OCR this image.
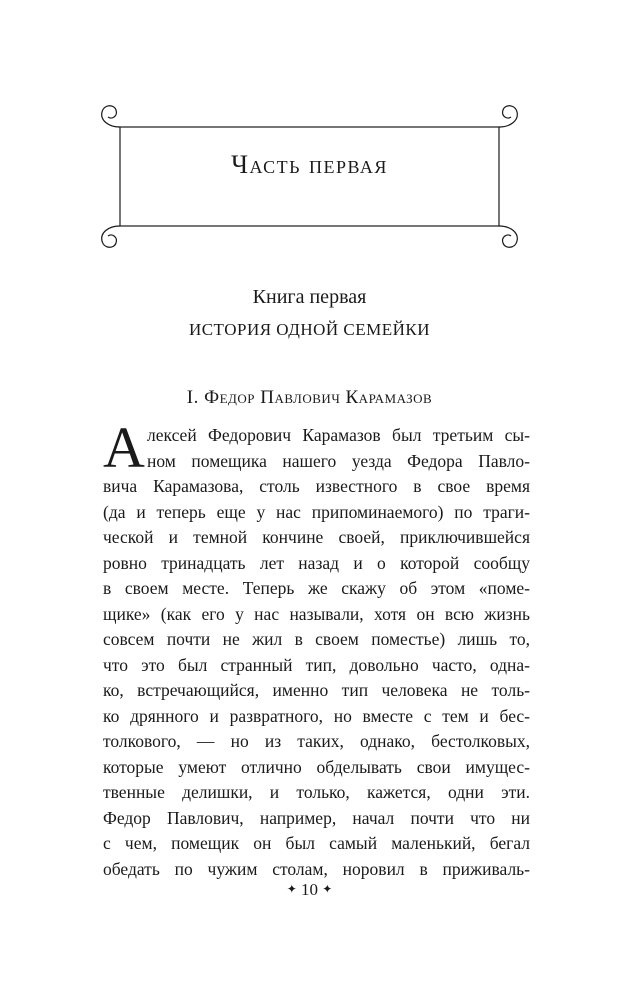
Часть первая
Книга первая
ИСТОРИЯ ОДНОЙ СЕМЕЙКИ
I. Федор Павлович Карамазов
А лексей Федорович Карамазов был третьим сы-
ном помещика нашего уезда Федора Павло-
вича Карамазова, столь известного в свое время
(да и теперь еще у нас припоминаемого) по траги-
ческой и темной кончине своей, приключившейся
ровно тринадцать лет назад и о которой сообщу
в своем месте. Теперь же скажу об этом «поме-
щике» (как его у нас называли, хотя он всю жизнь
совсем почти не жил в своем поместье) лишь то,
что это был странный тип, довольно часто, одна-
ко, встречающийся, именно тип человека не толь-
ко дрянного и развратного, но вместе с тем и бес-
толкового, — но из таких, однако, бестолковых,
которые умеют отлично обделывать свои имущес-
твенные делишки, и только, кажется, одни эти.
Федор Павлович, например, начал почти что ни
с чем, помещик он был самый маленький, бегал
обедать по чужим столам, норовил в приживаль-
✦ 10 ✦
